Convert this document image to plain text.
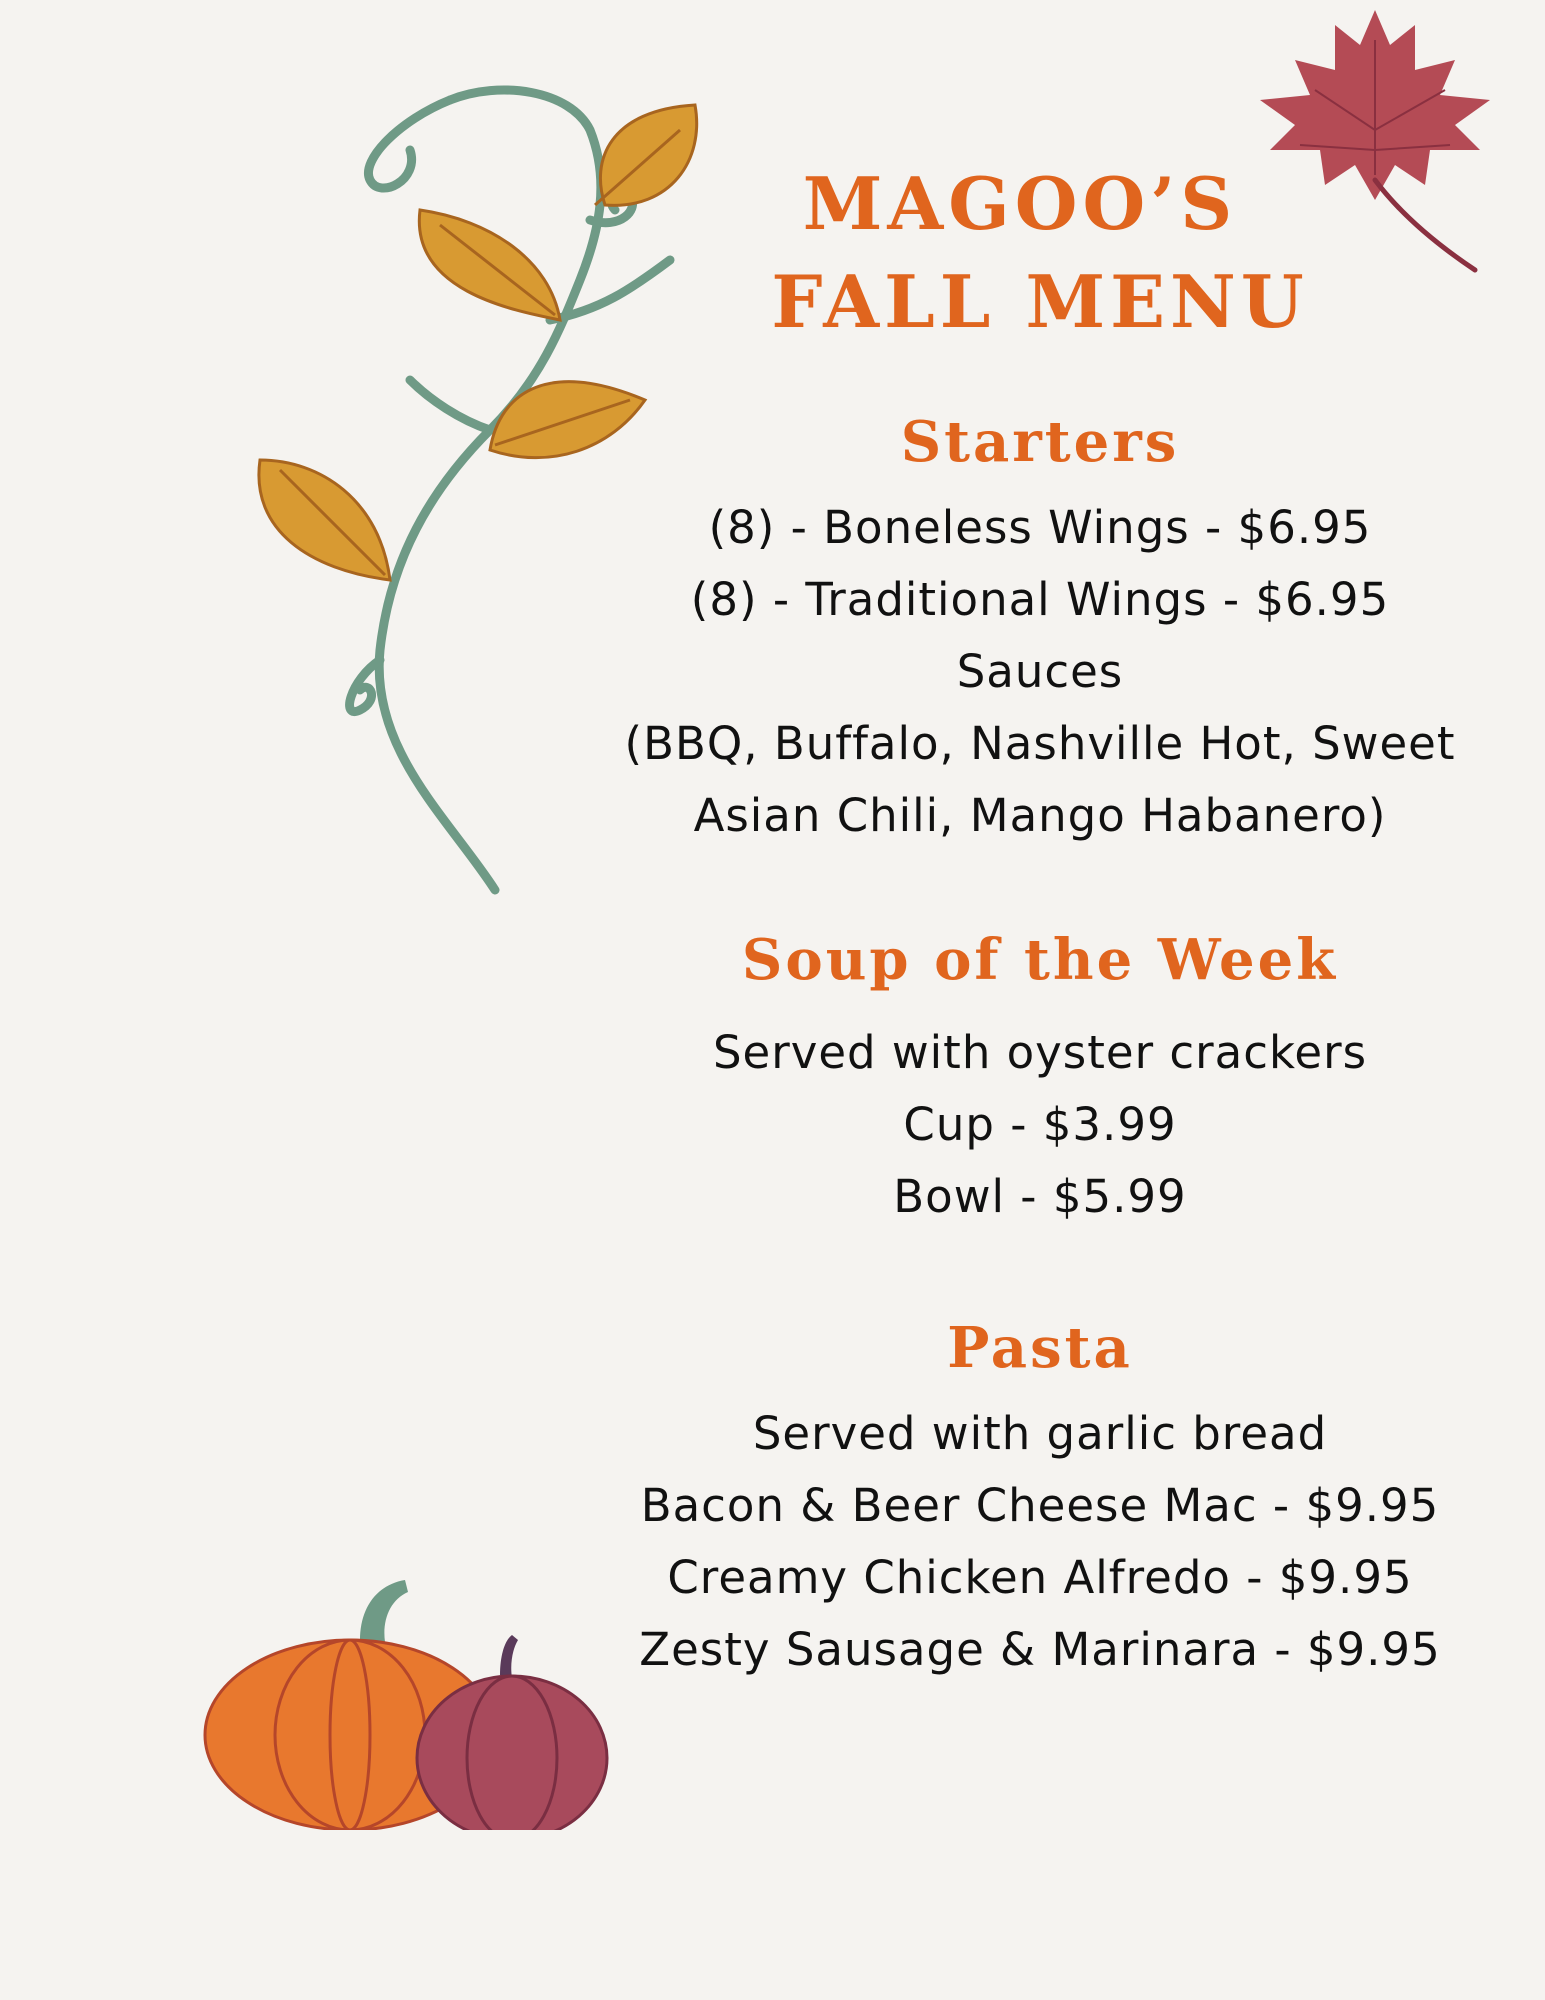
MAGOO’S
FALL MENU
Starters
(8) - Boneless Wings - $6.95
(8) - Traditional Wings - $6.95
Sauces
(BBQ, Buffalo, Nashville Hot, Sweet
Asian Chili, Mango Habanero)
Soup of the Week
Served with oyster crackers
Cup - $3.99
Bowl - $5.99
Pasta
Served with garlic bread
Bacon & Beer Cheese Mac - $9.95
Creamy Chicken Alfredo - $9.95
Zesty Sausage & Marinara - $9.95
